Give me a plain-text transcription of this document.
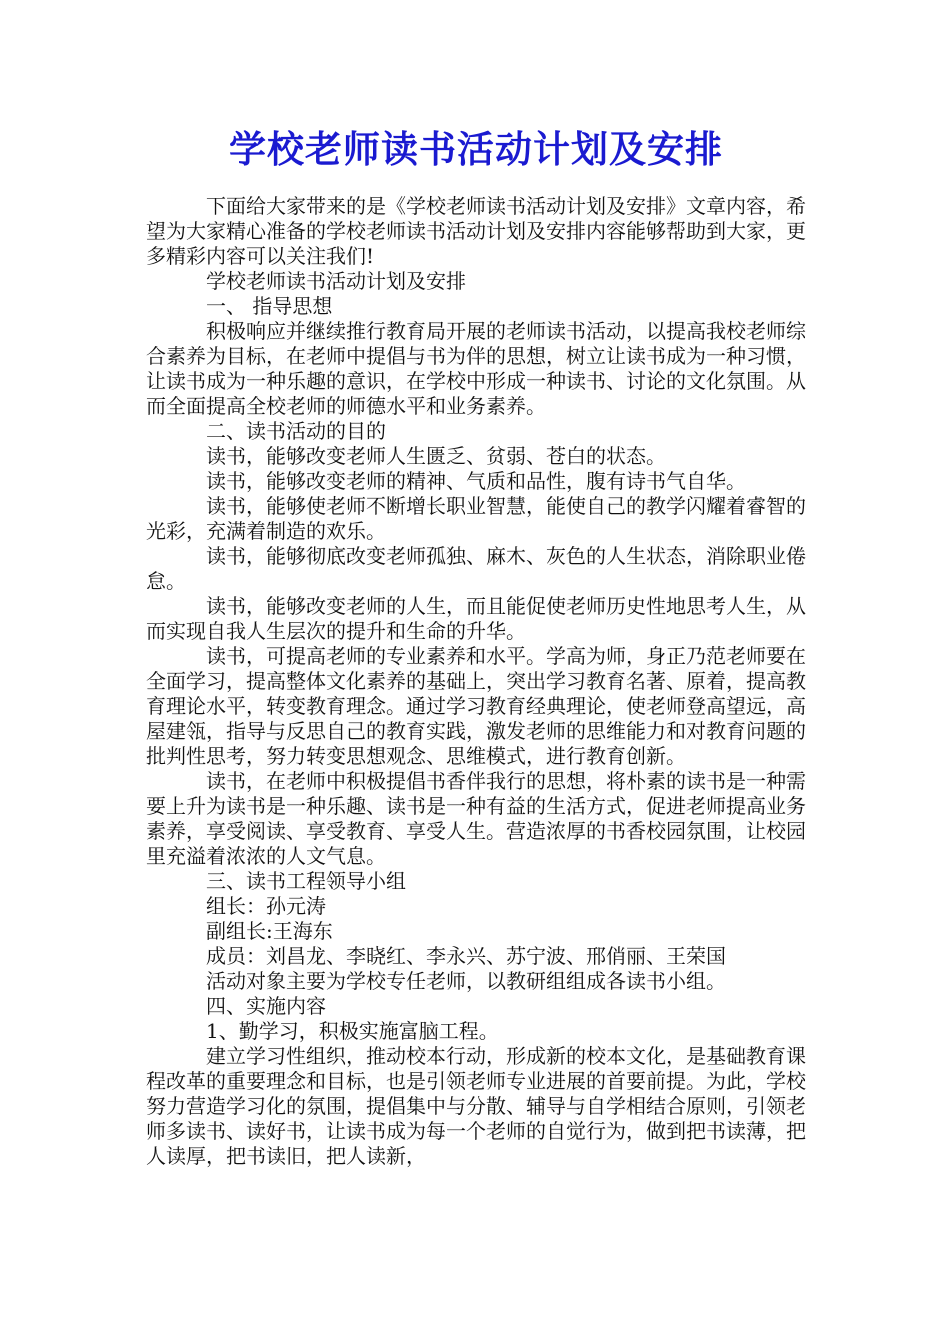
学校老师读书活动计划及安排

下面给大家带来的是《学校老师读书活动计划及安排》文章内容，希望为大家精心准备的学校老师读书活动计划及安排内容能够帮助到大家，更多精彩内容可以关注我们!

学校老师读书活动计划及安排

一、 指导思想

积极响应并继续推行教育局开展的老师读书活动，以提高我校老师综合素养为目标，在老师中提倡与书为伴的思想，树立让读书成为一种习惯，让读书成为一种乐趣的意识，在学校中形成一种读书、讨论的文化氛围。从而全面提高全校老师的师德水平和业务素养。

二、读书活动的目的

读书，能够改变老师人生匮乏、贫弱、苍白的状态。

读书，能够改变老师的精神、气质和品性，腹有诗书气自华。

读书，能够使老师不断增长职业智慧，能使自己的教学闪耀着睿智的光彩，充满着制造的欢乐。

读书，能够彻底改变老师孤独、麻木、灰色的人生状态，消除职业倦怠。

读书，能够改变老师的人生，而且能促使老师历史性地思考人生，从而实现自我人生层次的提升和生命的升华。

读书，可提高老师的专业素养和水平。学高为师，身正乃范老师要在全面学习，提高整体文化素养的基础上，突出学习教育名著、原着，提高教育理论水平，转变教育理念。通过学习教育经典理论，使老师登高望远，高屋建瓴，指导与反思自己的教育实践，激发老师的思维能力和对教育问题的批判性思考，努力转变思想观念、思维模式，进行教育创新。

读书，在老师中积极提倡书香伴我行的思想，将朴素的读书是一种需要上升为读书是一种乐趣、读书是一种有益的生活方式，促进老师提高业务素养，享受阅读、享受教育、享受人生。营造浓厚的书香校园氛围，让校园里充溢着浓浓的人文气息。

三、读书工程领导小组

组长：孙元涛

副组长:王海东

成员：刘昌龙、李晓红、李永兴、苏宁波、邢俏丽、王荣国

活动对象主要为学校专任老师，以教研组组成各读书小组。

四、实施内容

1、勤学习，积极实施富脑工程。

建立学习性组织，推动校本行动，形成新的校本文化，是基础教育课程改革的重要理念和目标，也是引领老师专业进展的首要前提。为此，学校努力营造学习化的氛围，提倡集中与分散、辅导与自学相结合原则，引领老师多读书、读好书，让读书成为每一个老师的自觉行为，做到把书读薄，把人读厚，把书读旧，把人读新，
